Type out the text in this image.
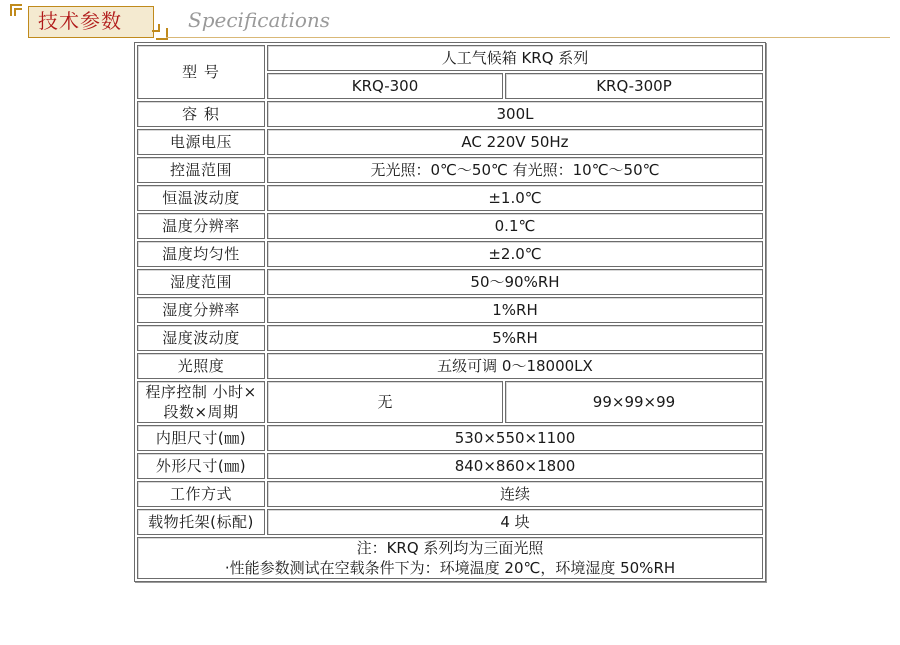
技术参数	Specifications
型 号	人工气候箱 KRQ 系列	
	KRQ-300	KRQ-300P
容 积	300L	
电源电压	AC 220V 50Hz	
控温范围	无光照：0℃～50℃ 有光照：10℃～50℃	
恒温波动度	±1.0℃	
温度分辨率	0.1℃	
温度均匀性	±2.0℃	
湿度范围	50～90%RH	
湿度分辨率	1%RH	
湿度波动度	5%RH	
光照度	五级可调 0～18000LX	
程序控制 小时×段数×周期	无	99×99×99
内胆尺寸(㎜)	530×550×1100	
外形尺寸(㎜)	840×860×1800	
工作方式	连续	
载物托架(标配)	4 块	

注：KRQ 系列均为三面光照
·性能参数测试在空载条件下为：环境温度 20℃，环境湿度 50%RH		
